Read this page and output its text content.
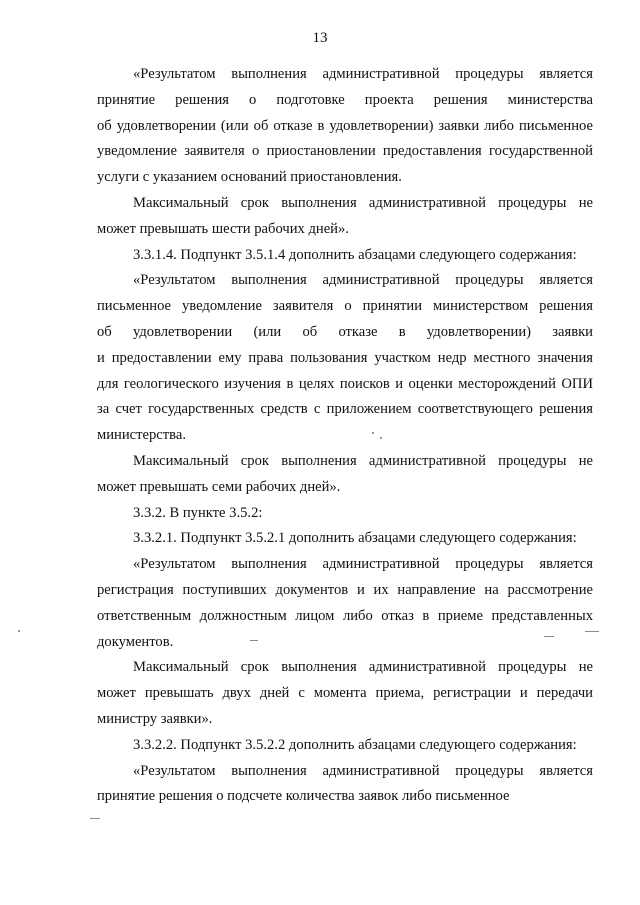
13

«Результатом выполнения административной процедуры является
принятие решения о подготовке проекта решения министерства
об удовлетворении (или об отказе в удовлетворении) заявки либо письменное
уведомление заявителя о приостановлении предоставления государственной
услуги с указанием оснований приостановления.

Максимальный срок выполнения административной процедуры не
может превышать шести рабочих дней».

3.3.1.4. Подпункт 3.5.1.4 дополнить абзацами следующего содержания:

«Результатом выполнения административной процедуры является
письменное уведомление заявителя о принятии министерством решения
об удовлетворении (или об отказе в удовлетворении) заявки
и предоставлении ему права пользования участком недр местного значения
для геологического изучения в целях поисков и оценки месторождений ОПИ
за счет государственных средств с приложением соответствующего решения
министерства.

Максимальный срок выполнения административной процедуры не
может превышать семи рабочих дней».

3.3.2. В пункте 3.5.2:

3.3.2.1. Подпункт 3.5.2.1 дополнить абзацами следующего содержания:

«Результатом выполнения административной процедуры является
регистрация поступивших документов и их направление на рассмотрение
ответственным должностным лицом либо отказ в приеме представленных
документов.

Максимальный срок выполнения административной процедуры не
может превышать двух дней с момента приема, регистрации и передачи
министру заявки».

3.3.2.2. Подпункт 3.5.2.2 дополнить абзацами следующего содержания:

«Результатом выполнения административной процедуры является
принятие решения о подсчете количества заявок либо письменное
